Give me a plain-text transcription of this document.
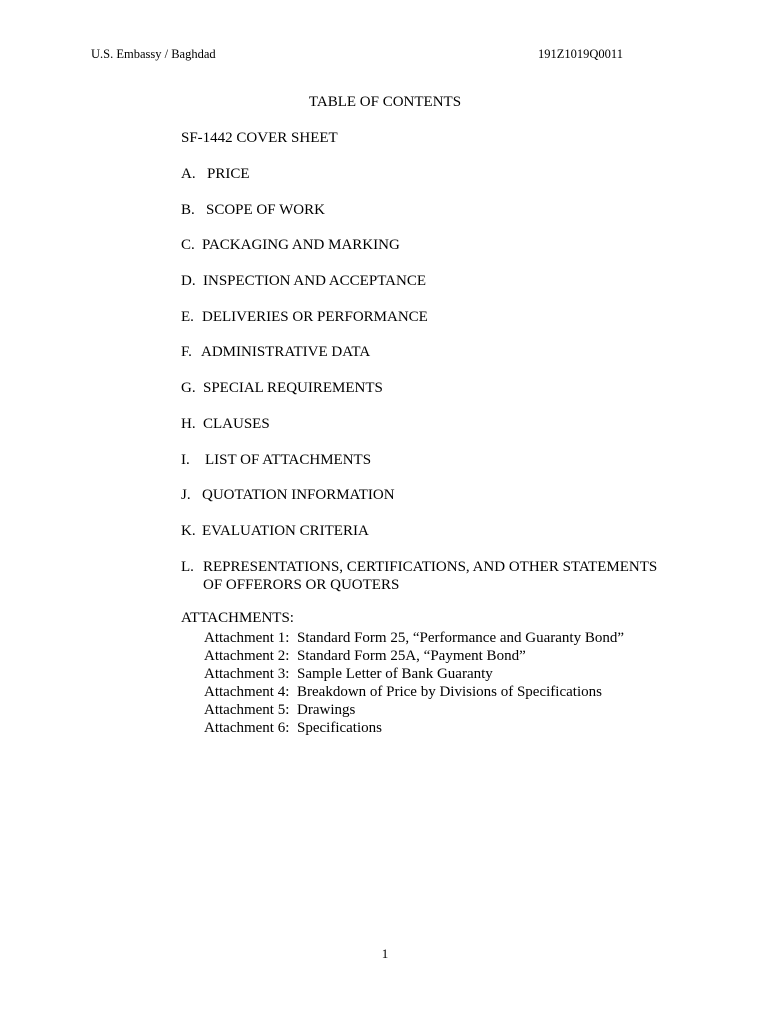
U.S. Embassy / Baghdad	191Z1019Q0011
TABLE OF CONTENTS
SF-1442 COVER SHEET
A. PRICE
B. SCOPE OF WORK
C. PACKAGING AND MARKING
D. INSPECTION AND ACCEPTANCE
E. DELIVERIES OR PERFORMANCE
F. ADMINISTRATIVE DATA
G. SPECIAL REQUIREMENTS
H. CLAUSES
I. LIST OF ATTACHMENTS
J. QUOTATION INFORMATION
K. EVALUATION CRITERIA
L. REPRESENTATIONS, CERTIFICATIONS, AND OTHER STATEMENTS
OF OFFERORS OR QUOTERS
ATTACHMENTS:
Attachment 1: Standard Form 25, “Performance and Guaranty Bond”
Attachment 2: Standard Form 25A, “Payment Bond”
Attachment 3: Sample Letter of Bank Guaranty
Attachment 4: Breakdown of Price by Divisions of Specifications
Attachment 5: Drawings
Attachment 6: Specifications
1
